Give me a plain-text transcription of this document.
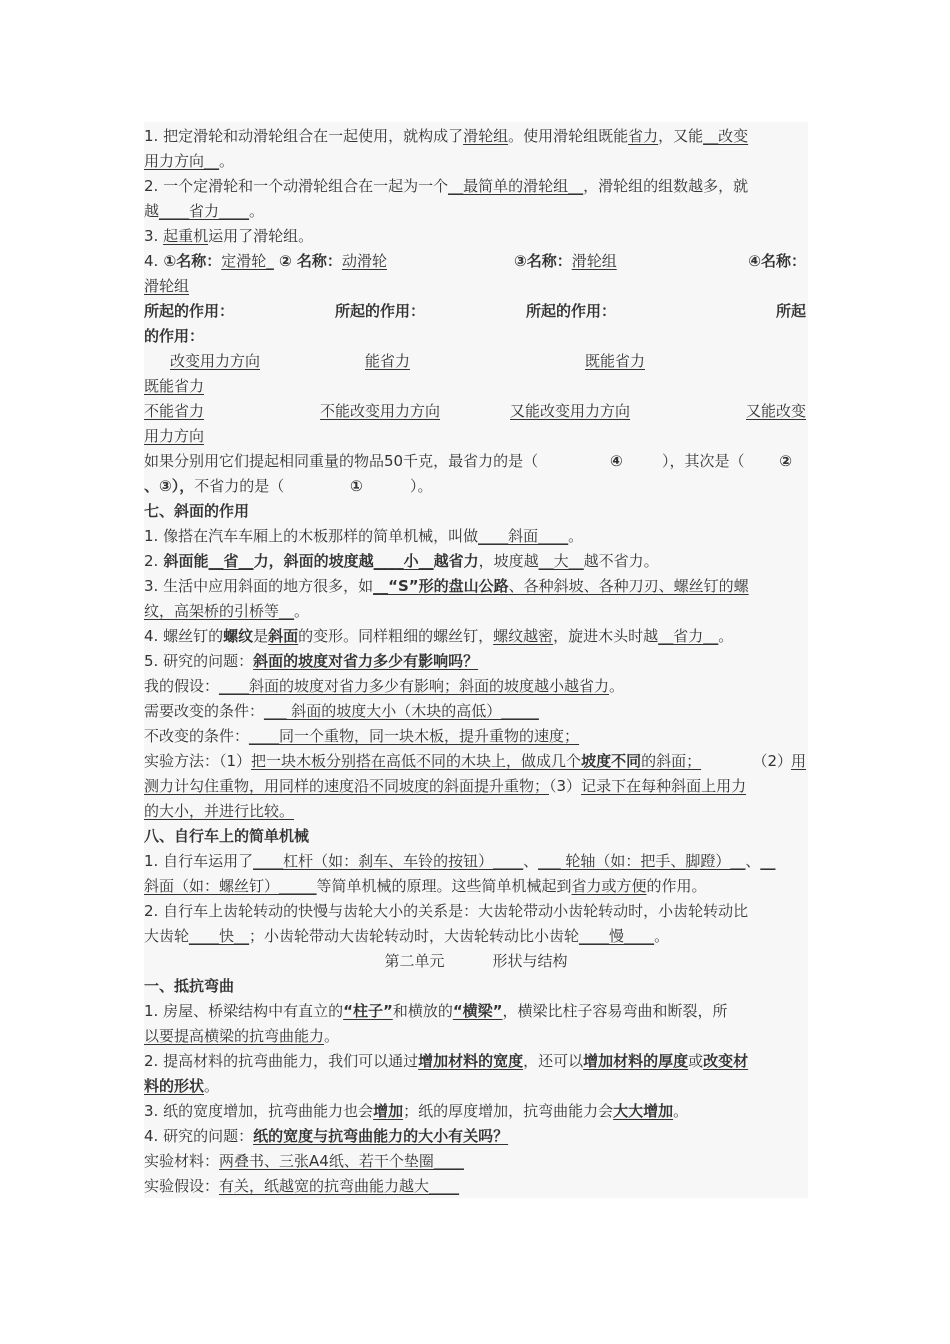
1. 把定滑轮和动滑轮组合在一起使用，就构成了滑轮组。使用滑轮组既能省力，又能__改变
用力方向__。
2. 一个定滑轮和一个动滑轮组合在一起为一个__最简单的滑轮组__，滑轮组的组数越多，就
越____省力____。
3. 起重机运用了滑轮组。
4. ①名称：定滑轮_ ② 名称：动滑轮	③名称：滑轮组	④名称：
滑轮组
所起的作用：	所起的作用：	所起的作用：	所起
的作用：
改变用力方向	能省力	既能省力
既能省力
不能省力	不能改变用力方向	又能改变用力方向	又能改变
用力方向
如果分别用它们提起相同重量的物品50千克，最省力的是（	④	），其次是（ ②
、③），不省力的是（	①	）。
七、斜面的作用
1. 像搭在汽车车厢上的木板那样的简单机械，叫做____斜面____。
2. 斜面能__省__力，斜面的坡度越____小__越省力，坡度越__大__越不省力。
3. 生活中应用斜面的地方很多，如__“S”形的盘山公路、各种斜坡、各种刀刃、螺丝钉的螺
纹，高架桥的引桥等__。
4. 螺丝钉的螺纹是斜面的变形。同样粗细的螺丝钉，螺纹越密，旋进木头时越__省力__。
5. 研究的问题：斜面的坡度对省力多少有影响吗？
我的假设：____斜面的坡度对省力多少有影响；斜面的坡度越小越省力。
需要改变的条件：___ 斜面的坡度大小（木块的高低）_____
不改变的条件：____同一个重物，同一块木板，提升重物的速度；
实验方法：（1）把一块木板分别搭在高低不同的木块上，做成几个坡度不同的斜面；	（2）
用
测力计勾住重物，用同样的速度沿不同坡度的斜面提升重物；（3）记录下在每种斜面上用力
的大小，并进行比较。
八、自行车上的简单机械
1. 自行车运用了____杠杆（如：刹车、车铃的按钮）____、___ 轮轴（如：把手、脚蹬）__、__
斜面（如：螺丝钉）_____等简单机械的原理。这些简单机械起到省力或方便的作用。
2. 自行车上齿轮转动的快慢与齿轮大小的关系是：大齿轮带动小齿轮转动时，小齿轮转动比
大齿轮____快__；小齿轮带动大齿轮转动时，大齿轮转动比小齿轮____慢____。
第二单元	形状与结构
一、抵抗弯曲
1. 房屋、桥梁结构中有直立的“柱子”和横放的“横梁”，横梁比柱子容易弯曲和断裂，所
以要提高横梁的抗弯曲能力。
2. 提高材料的抗弯曲能力，我们可以通过增加材料的宽度，还可以增加材料的厚度或改变材
料的形状。
3. 纸的宽度增加，抗弯曲能力也会增加；纸的厚度增加，抗弯曲能力会大大增加。
4. 研究的问题：纸的宽度与抗弯曲能力的大小有关吗？
实验材料：两叠书、三张A4纸、若干个垫圈____
实验假设：有关，纸越宽的抗弯曲能力越大____
